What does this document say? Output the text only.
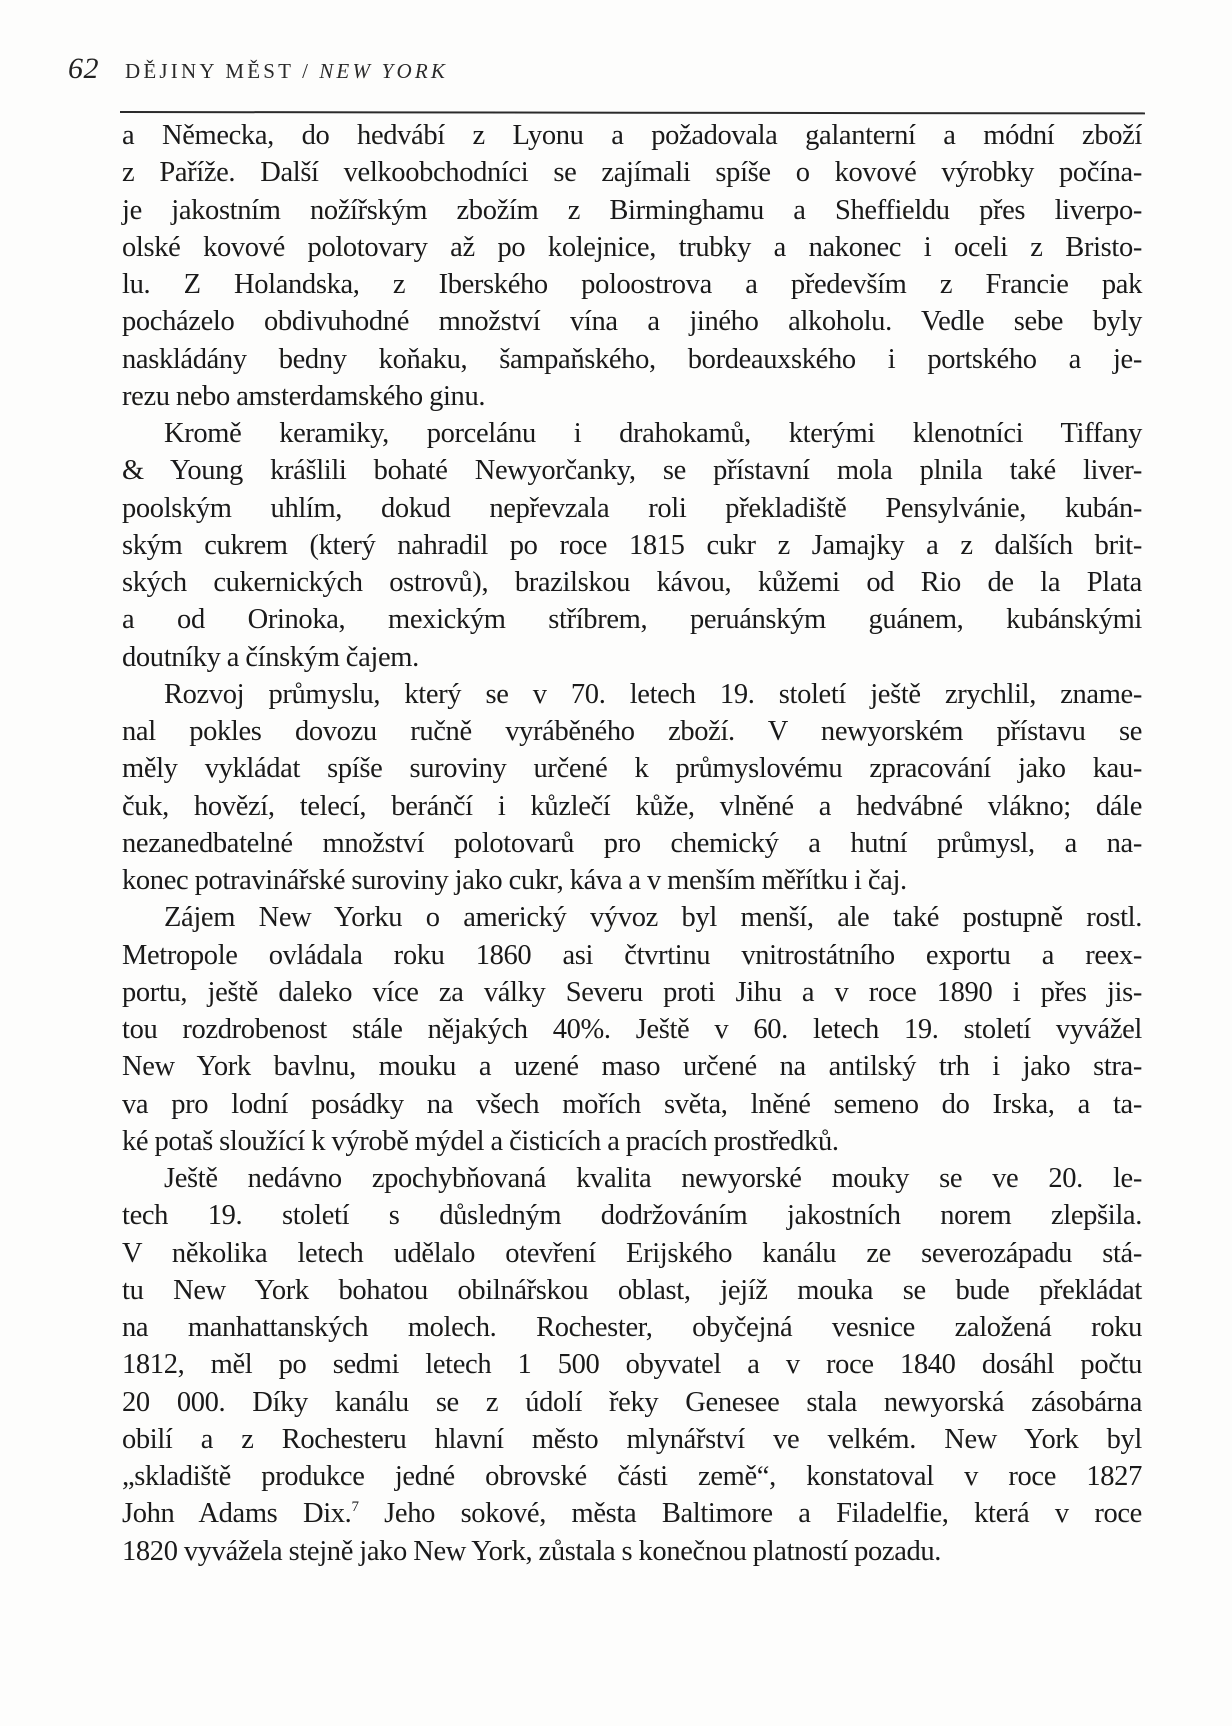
62 DĚJINY MĚST / NEW YORK
a Německa, do hedvábí z Lyonu a požadovala galanterní a módní zboží
z Paříže. Další velkoobchodníci se zajímali spíše o kovové výrobky počína-
je jakostním nožířským zbožím z Birminghamu a Sheffieldu přes liverpo-
olské kovové polotovary až po kolejnice, trubky a nakonec i oceli z Bristo-
lu. Z Holandska, z Iberského poloostrova a především z Francie pak
pocházelo obdivuhodné množství vína a jiného alkoholu. Vedle sebe byly
naskládány bedny koňaku, šampaňského, bordeauxského i portského a je-
rezu nebo amsterdamského ginu.
Kromě keramiky, porcelánu i drahokamů, kterými klenotníci Tiffany
& Young krášlili bohaté Newyorčanky, se přístavní mola plnila také liver-
poolským uhlím, dokud nepřevzala roli překladiště Pensylvánie, kubán-
ským cukrem (který nahradil po roce 1815 cukr z Jamajky a z dalších brit-
ských cukernických ostrovů), brazilskou kávou, kůžemi od Rio de la Plata
a od Orinoka, mexickým stříbrem, peruánským guánem, kubánskými
doutníky a čínským čajem.
Rozvoj průmyslu, který se v 70. letech 19. století ještě zrychlil, zname-
nal pokles dovozu ručně vyráběného zboží. V newyorském přístavu se
měly vykládat spíše suroviny určené k průmyslovému zpracování jako kau-
čuk, hovězí, telecí, beránčí i kůzlečí kůže, vlněné a hedvábné vlákno; dále
nezanedbatelné množství polotovarů pro chemický a hutní průmysl, a na-
konec potravinářské suroviny jako cukr, káva a v menším měřítku i čaj.
Zájem New Yorku o americký vývoz byl menší, ale také postupně rostl.
Metropole ovládala roku 1860 asi čtvrtinu vnitrostátního exportu a reex-
portu, ještě daleko více za války Severu proti Jihu a v roce 1890 i přes jis-
tou rozdrobenost stále nějakých 40%. Ještě v 60. letech 19. století vyvážel
New York bavlnu, mouku a uzené maso určené na antilský trh i jako stra-
va pro lodní posádky na všech mořích světa, lněné semeno do Irska, a ta-
ké potaš sloužící k výrobě mýdel a čisticích a pracích prostředků.
Ještě nedávno zpochybňovaná kvalita newyorské mouky se ve 20. le-
tech 19. století s důsledným dodržováním jakostních norem zlepšila.
V několika letech udělalo otevření Erijského kanálu ze severozápadu stá-
tu New York bohatou obilnářskou oblast, jejíž mouka se bude překládat
na manhattanských molech. Rochester, obyčejná vesnice založená roku
1812, měl po sedmi letech 1 500 obyvatel a v roce 1840 dosáhl počtu
20 000. Díky kanálu se z údolí řeky Genesee stala newyorská zásobárna
obilí a z Rochesteru hlavní město mlynářství ve velkém. New York byl
„skladiště produkce jedné obrovské části země“, konstatoval v roce 1827
John Adams Dix.$^7$ Jeho sokové, města Baltimore a Filadelfie, která v roce
1820 vyvážela stejně jako New York, zůstala s konečnou platností pozadu.
